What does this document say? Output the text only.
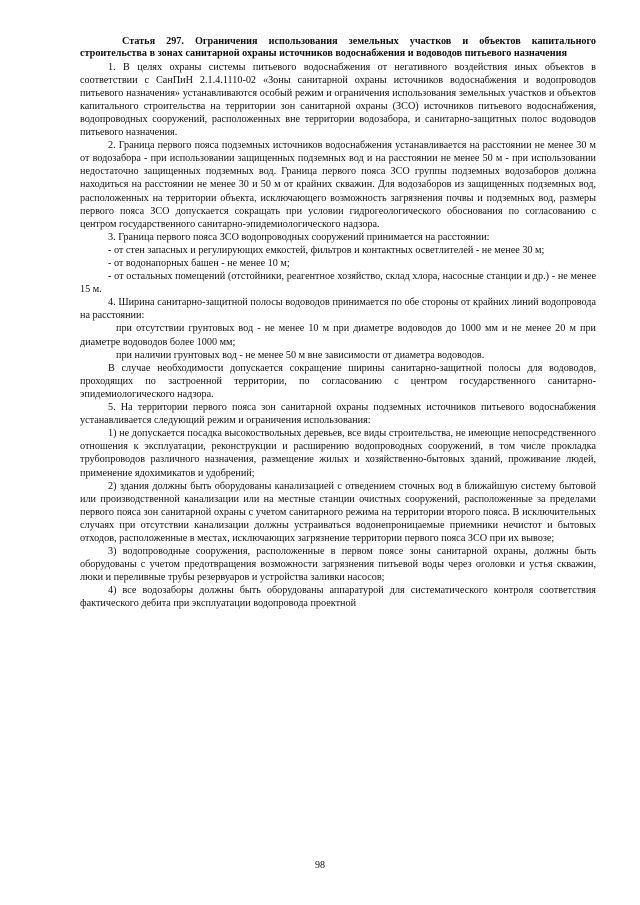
Статья 297. Ограничения использования земельных участков и объектов капитального строительства в зонах санитарной охраны источников водоснабжения и водоводов питьевого назначения

1. В целях охраны системы питьевого водоснабжения от негативного воздействия иных объектов в соответствии с СанПиН 2.1.4.1110-02 «Зоны санитарной охраны источников водоснабжения и водопроводов питьевого назначения» устанавливаются особый режим и ограничения использования земельных участков и объектов капитального строительства на территории зон санитарной охраны (ЗСО) источников питьевого водоснабжения, водопроводных сооружений, расположенных вне территории водозабора, и санитарно-защитных полос водоводов питьевого назначения.

2. Граница первого пояса подземных источников водоснабжения устанавливается на расстоянии не менее 30 м от водозабора - при использовании защищенных подземных вод и на расстоянии не менее 50 м - при использовании недостаточно защищенных подземных вод. Граница первого пояса ЗСО группы подземных водозаборов должна находиться на расстоянии не менее 30 и 50 м от крайних скважин. Для водозаборов из защищенных подземных вод, расположенных на территории объекта, исключающего возможность загрязнения почвы и подземных вод, размеры первого пояса ЗСО допускается сокращать при условии гидрогеологического обоснования по согласованию с центром государственного санитарно-эпидемиологического надзора.

3. Граница первого пояса ЗСО водопроводных сооружений принимается на расстоянии:

- от стен запасных и регулирующих емкостей, фильтров и контактных осветлителей - не менее 30 м;

- от водонапорных башен - не менее 10 м;

- от остальных помещений (отстойники, реагентное хозяйство, склад хлора, насосные станции и др.) - не менее 15 м.

4. Ширина санитарно-защитной полосы водоводов принимается по обе стороны от крайних линий водопровода на расстоянии:

при отсутствии грунтовых вод - не менее 10 м при диаметре водоводов до 1000 мм и не менее 20 м при диаметре водоводов более 1000 мм;

при наличии грунтовых вод - не менее 50 м вне зависимости от диаметра водоводов.

В случае необходимости допускается сокращение ширины санитарно-защитной полосы для водоводов, проходящих по застроенной территории, по согласованию с центром государственного санитарно-эпидемиологического надзора.

5. На территории первого пояса зон санитарной охраны подземных источников питьевого водоснабжения устанавливается следующий режим и ограничения использования:

1) не допускается посадка высокоствольных деревьев, все виды строительства, не имеющие непосредственного отношения к эксплуатации, реконструкции и расширению водопроводных сооружений, в том числе прокладка трубопроводов различного назначения, размещение жилых и хозяйственно-бытовых зданий, проживание людей, применение ядохимикатов и удобрений;

2) здания должны быть оборудованы канализацией с отведением сточных вод в ближайшую систему бытовой или производственной канализации или на местные станции очистных сооружений, расположенные за пределами первого пояса зон санитарной охраны с учетом санитарного режима на территории второго пояса. В исключительных случаях при отсутствии канализации должны устраиваться водонепроницаемые приемники нечистот и бытовых отходов, расположенные в местах, исключающих загрязнение территории первого пояса ЗСО при их вывозе;

3) водопроводные сооружения, расположенные в первом поясе зоны санитарной охраны, должны быть оборудованы с учетом предотвращения возможности загрязнения питьевой воды через оголовки и устья скважин, люки и переливные трубы резервуаров и устройства заливки насосов;

4) все водозаборы должны быть оборудованы аппаратурой для систематического контроля соответствия фактического дебита при эксплуатации водопровода проектной

98
